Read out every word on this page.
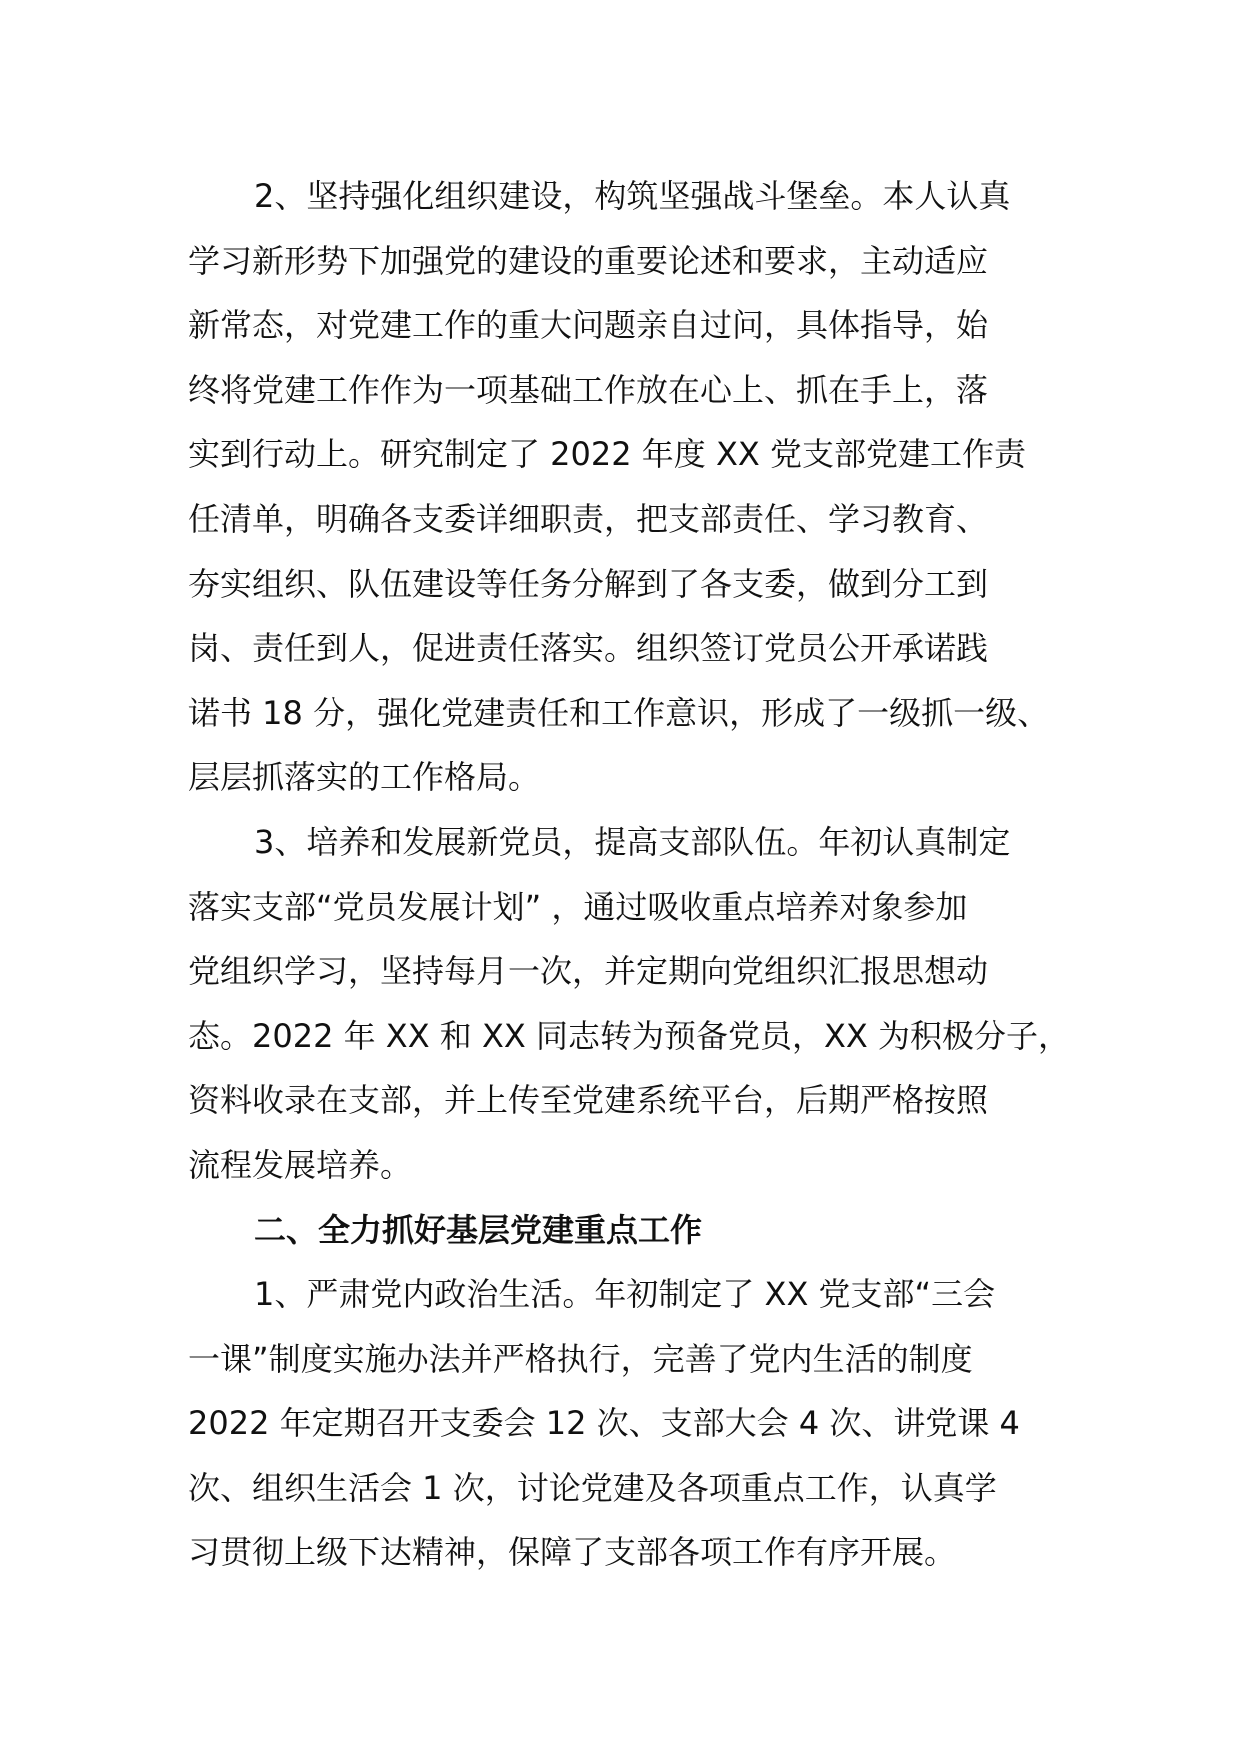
2、坚持强化组织建设，构筑坚强战斗堡垒。本人认真
学习新形势下加强党的建设的重要论述和要求，主动适应
新常态，对党建工作的重大问题亲自过问，具体指导，始
终将党建工作作为一项基础工作放在心上、抓在手上，落
实到行动上。研究制定了 2022 年度 XX 党支部党建工作责
任清单，明确各支委详细职责，把支部责任、学习教育、
夯实组织、队伍建设等任务分解到了各支委，做到分工到
岗、责任到人，促进责任落实。组织签订党员公开承诺践
诺书 18 分，强化党建责任和工作意识，形成了一级抓一级、
层层抓落实的工作格局。
3、培养和发展新党员，提高支部队伍。年初认真制定
落实支部“党员发展计划” ，通过吸收重点培养对象参加
党组织学习，坚持每月一次，并定期向党组织汇报思想动
态。2022 年 XX 和 XX 同志转为预备党员，XX 为积极分子，
资料收录在支部，并上传至党建系统平台，后期严格按照
流程发展培养。
二、全力抓好基层党建重点工作
1、严肃党内政治生活。年初制定了 XX 党支部“三会
一课”制度实施办法并严格执行，完善了党内生活的制度
2022 年定期召开支委会 12 次、支部大会 4 次、讲党课 4
次、组织生活会 1 次，讨论党建及各项重点工作，认真学
习贯彻上级下达精神，保障了支部各项工作有序开展。
